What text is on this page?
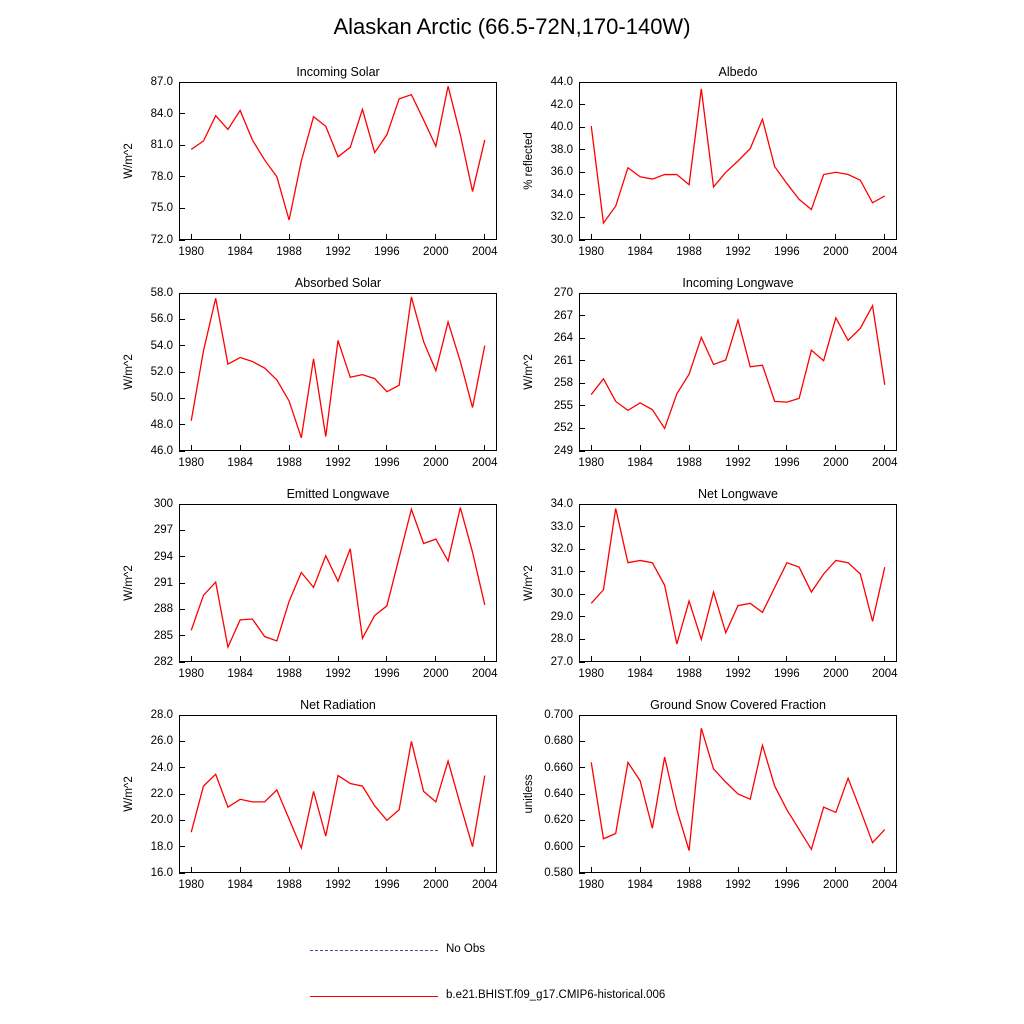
Alaskan Arctic (66.5-72N,170-140W)
Incoming Solar
W/m^2
72.0
75.0
78.0
81.0
84.0
87.0
1980 1984 1988 1992 1996 2000 2004
Albedo
% reflected
30.0
32.0
34.0
36.0
38.0
40.0
42.0
44.0
1980 1984 1988 1992 1996 2000 2004
Absorbed Solar
W/m^2
46.0
48.0
50.0
52.0
54.0
56.0
58.0
1980 1984 1988 1992 1996 2000 2004
Incoming Longwave
W/m^2
249
252
255
258
261
264
267
270
1980 1984 1988 1992 1996 2000 2004
Emitted Longwave
W/m^2
282
285
288
291
294
297
300
1980 1984 1988 1992 1996 2000 2004
Net Longwave
W/m^2
27.0
28.0
29.0
30.0
31.0
32.0
33.0
34.0
1980 1984 1988 1992 1996 2000 2004
Net Radiation
W/m^2
16.0
18.0
20.0
22.0
24.0
26.0
28.0
1980 1984 1988 1992 1996 2000 2004
Ground Snow Covered Fraction
unitless
0.580
0.600
0.620
0.640
0.660
0.680
0.700
1980 1984 1988 1992 1996 2000 2004
No Obs
b.e21.BHIST.f09_g17.CMIP6-historical.006
